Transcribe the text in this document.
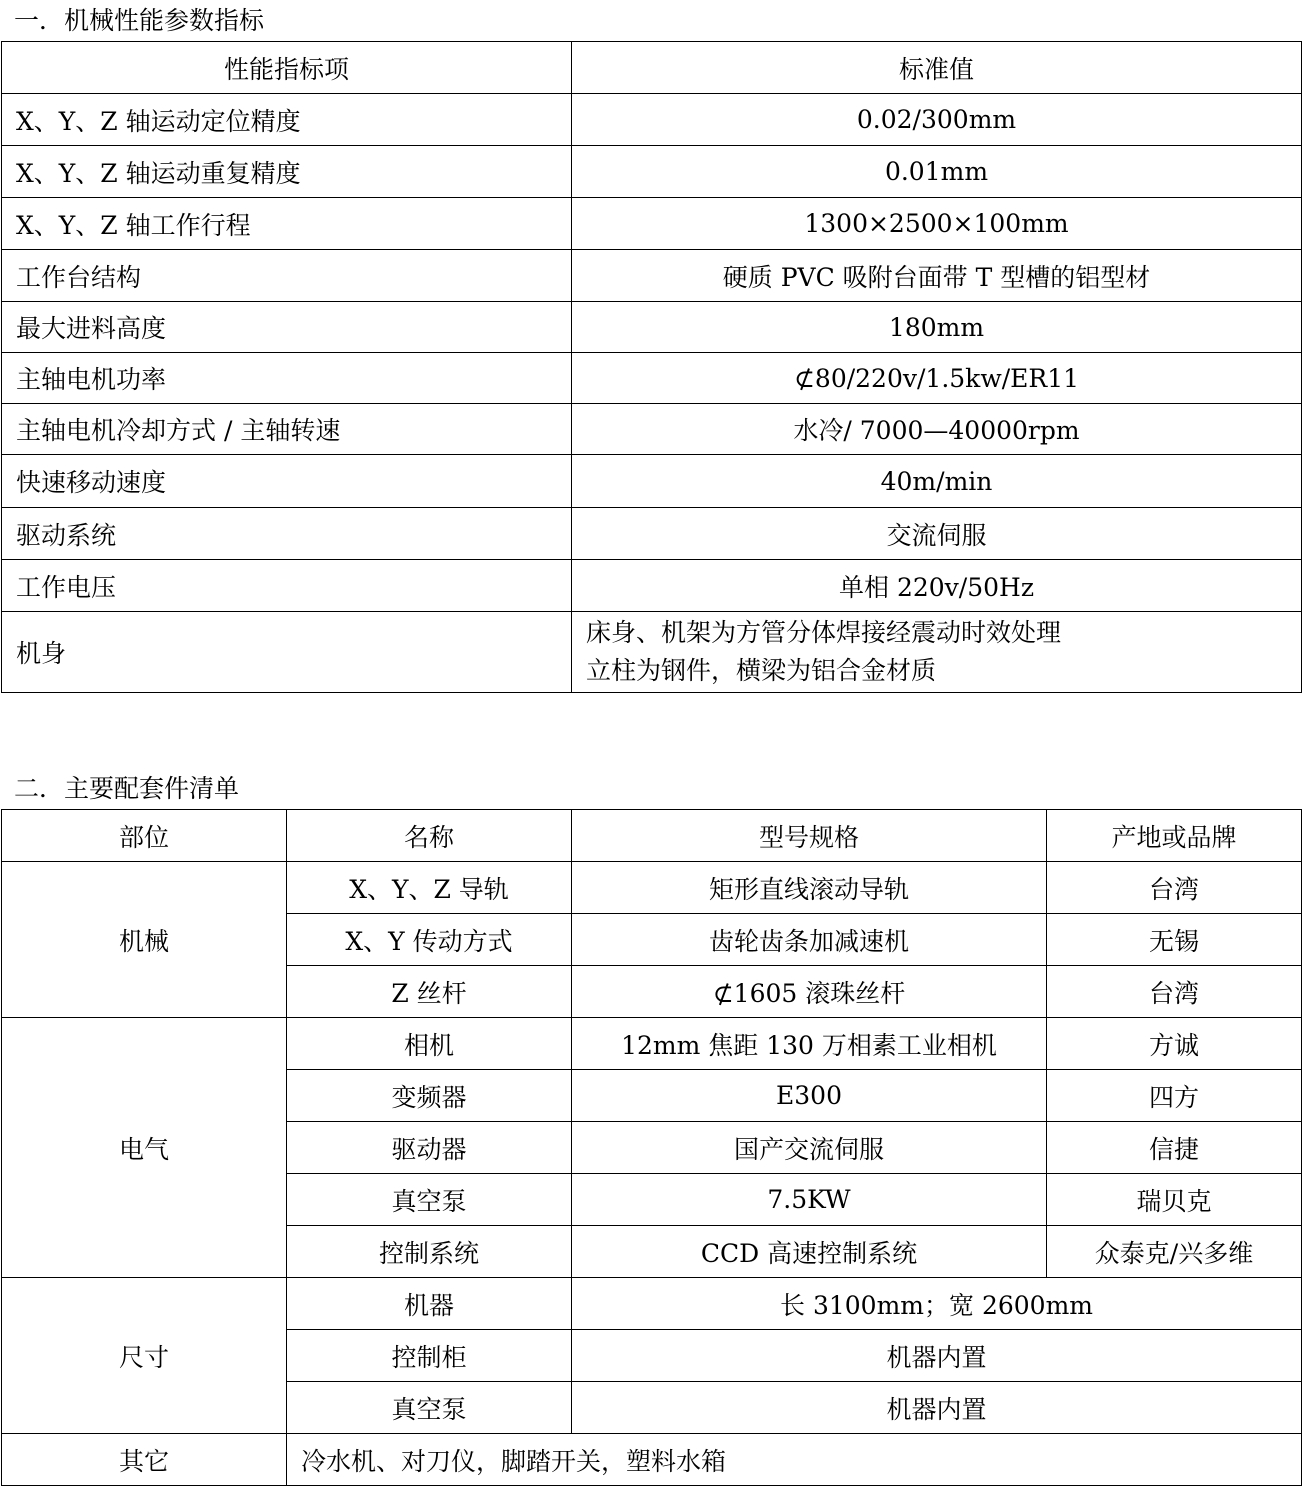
一．机械性能参数指标
性能指标项	标准值
X、Y、Z 轴运动定位精度	0.02/300mm
X、Y、Z 轴运动重复精度	0.01mm
X、Y、Z 轴工作行程	1300×2500×100mm
工作台结构	硬质 PVC 吸附台面带 T 型槽的铝型材
最大进料高度	180mm
主轴电机功率	⊄80/220v/1.5kw/ER11
主轴电机冷却方式 / 主轴转速	水冷/ 7000—40000rpm
快速移动速度	40m/min
驱动系统	交流伺服
工作电压	单相 220v/50Hz
机身	床身、机架为方管分体焊接经震动时效处理
立柱为钢件，横梁为铝合金材质
二．主要配套件清单
部位	名称	型号规格	产地或品牌
机械	X、Y、Z 导轨	矩形直线滚动导轨	台湾
	X、Y 传动方式	齿轮齿条加减速机	无锡
	Z 丝杆	⊄1605 滚珠丝杆	台湾
电气	相机	12mm 焦距 130 万相素工业相机	方诚
	变频器	E300	四方
	驱动器	国产交流伺服	信捷
	真空泵	7.5KW	瑞贝克
	控制系统	CCD 高速控制系统	众泰克/兴多维
尺寸	机器	长 3100mm；宽 2600mm	
	控制柜	机器内置	
	真空泵	机器内置	
其它	冷水机、对刀仪，脚踏开关，塑料水箱		
